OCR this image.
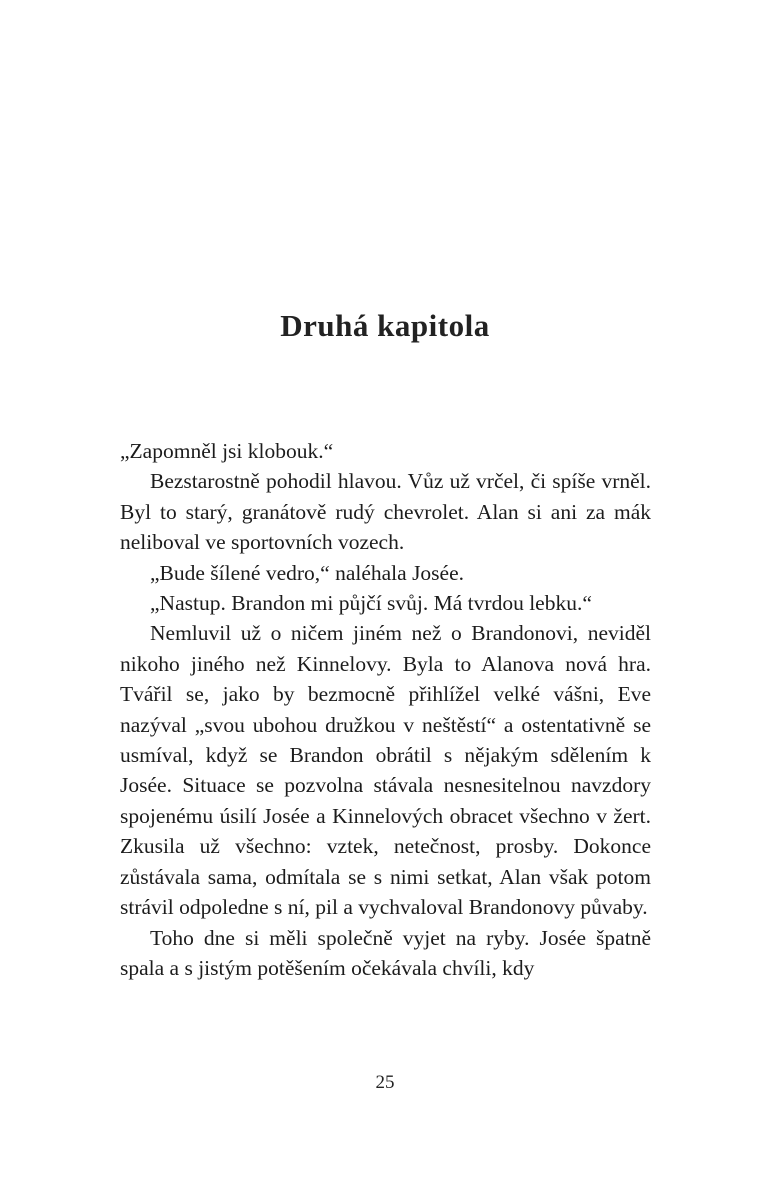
Druhá kapitola

„Zapomněl jsi klobouk.“

Bezstarostně pohodil hlavou. Vůz už vrčel, či spíše vrněl. Byl to starý, granátově rudý chevrolet. Alan si ani za mák neliboval ve sportovních vozech.

„Bude šílené vedro,“ naléhala Josée.

„Nastup. Brandon mi půjčí svůj. Má tvrdou lebku.“

Nemluvil už o ničem jiném než o Brandonovi, neviděl nikoho jiného než Kinnelovy. Byla to Alanova nová hra. Tvářil se, jako by bezmocně přihlížel velké vášni, Eve nazýval „svou ubohou družkou v neštěstí“ a ostentativně se usmíval, když se Brandon obrátil s nějakým sdělením k Josée. Situace se pozvolna stávala nesnesitelnou navzdory spojenému úsilí Josée a Kinnelových obracet všechno v žert. Zkusila už všechno: vztek, netečnost, prosby. Dokonce zůstávala sama, odmítala se s nimi setkat, Alan však potom strávil odpoledne s ní, pil a vychvaloval Brandonovy půvaby.

Toho dne si měli společně vyjet na ryby. Josée špatně spala a s jistým potěšením očekávala chvíli, kdy

25
